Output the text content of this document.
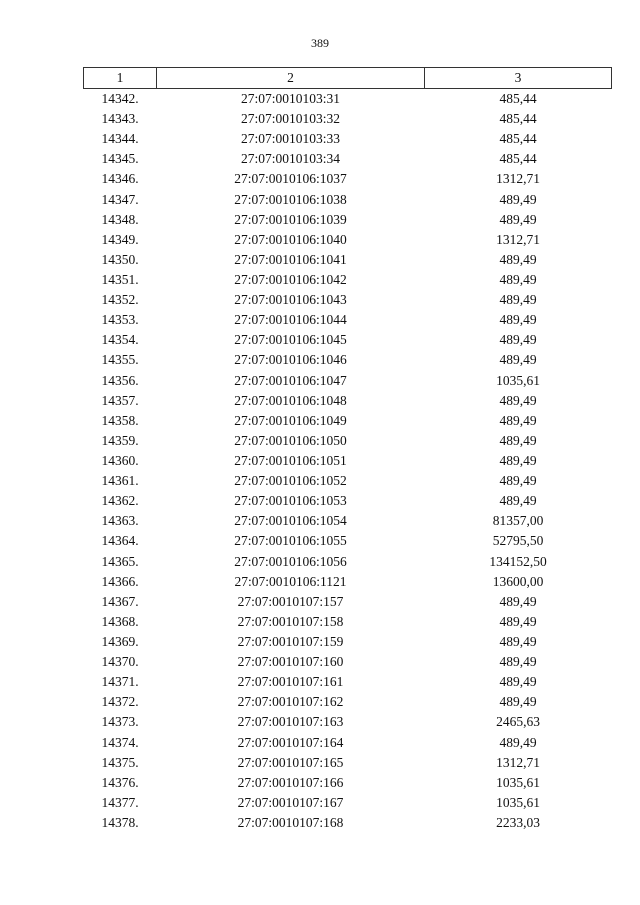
389
1	2	3
14342.	27:07:0010103:31	485,44
14343.	27:07:0010103:32	485,44
14344.	27:07:0010103:33	485,44
14345.	27:07:0010103:34	485,44
14346.	27:07:0010106:1037	1312,71
14347.	27:07:0010106:1038	489,49
14348.	27:07:0010106:1039	489,49
14349.	27:07:0010106:1040	1312,71
14350.	27:07:0010106:1041	489,49
14351.	27:07:0010106:1042	489,49
14352.	27:07:0010106:1043	489,49
14353.	27:07:0010106:1044	489,49
14354.	27:07:0010106:1045	489,49
14355.	27:07:0010106:1046	489,49
14356.	27:07:0010106:1047	1035,61
14357.	27:07:0010106:1048	489,49
14358.	27:07:0010106:1049	489,49
14359.	27:07:0010106:1050	489,49
14360.	27:07:0010106:1051	489,49
14361.	27:07:0010106:1052	489,49
14362.	27:07:0010106:1053	489,49
14363.	27:07:0010106:1054	81357,00
14364.	27:07:0010106:1055	52795,50
14365.	27:07:0010106:1056	134152,50
14366.	27:07:0010106:1121	13600,00
14367.	27:07:0010107:157	489,49
14368.	27:07:0010107:158	489,49
14369.	27:07:0010107:159	489,49
14370.	27:07:0010107:160	489,49
14371.	27:07:0010107:161	489,49
14372.	27:07:0010107:162	489,49
14373.	27:07:0010107:163	2465,63
14374.	27:07:0010107:164	489,49
14375.	27:07:0010107:165	1312,71
14376.	27:07:0010107:166	1035,61
14377.	27:07:0010107:167	1035,61
14378.	27:07:0010107:168	2233,03
